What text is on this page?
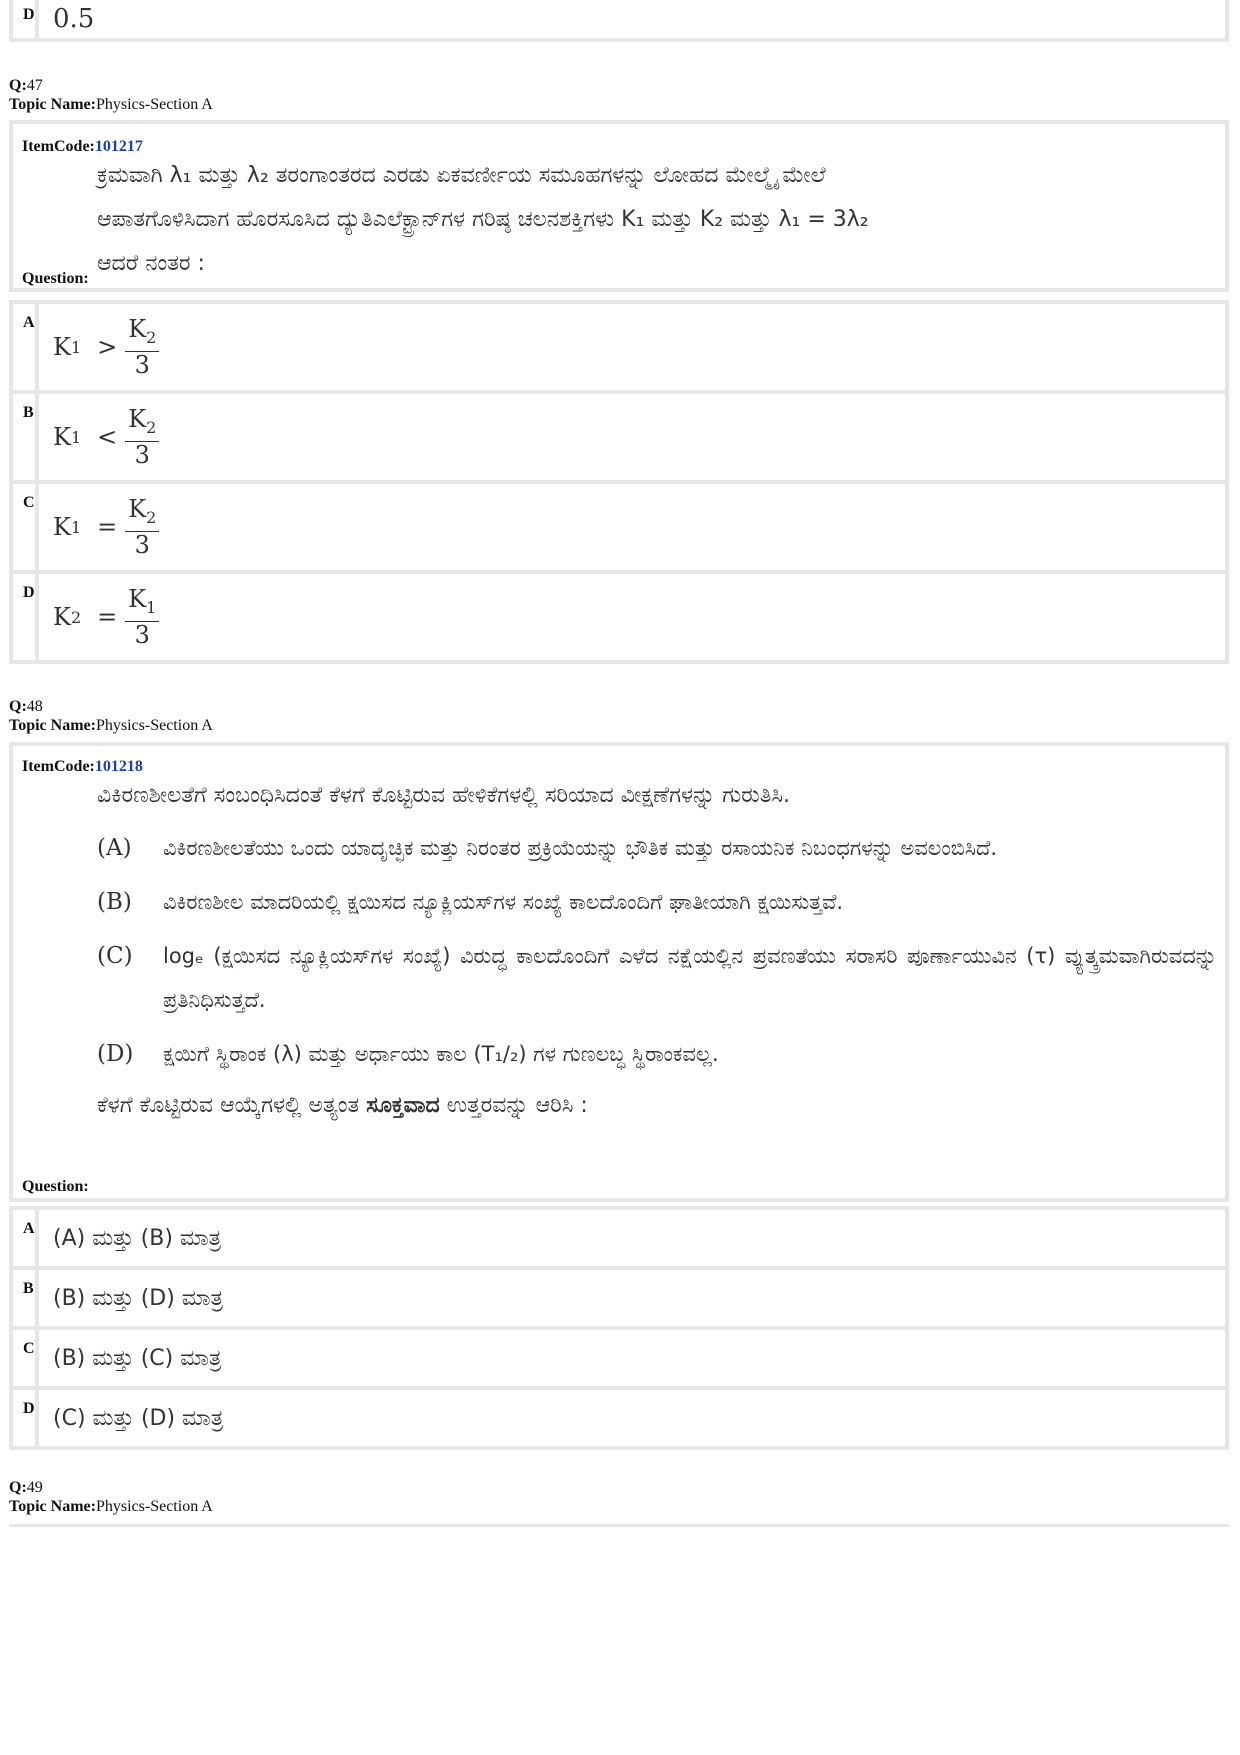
D 0.5
Q:47
Topic Name:Physics-Section A
ItemCode:101217
ಕ್ರಮವಾಗಿ λ₁ ಮತ್ತು λ₂ ತರಂಗಾಂತರದ ಎರಡು ಏಕವರ್ಣೀಯ ಸಮೂಹಗಳನ್ನು ಲೋಹದ ಮೇಲ್ಮೈ ಮೇಲೆ
ಆಪಾತಗೊಳಿಸಿದಾಗ ಹೊರಸೂಸಿದ ದ್ಯುತಿಎಲೆಕ್ಟ್ರಾನ್‌ಗಳ ಗರಿಷ್ಠ ಚಲನಶಕ್ತಿಗಳು K₁ ಮತ್ತು K₂ ಮತ್ತು λ₁ = 3λ₂
ಆದರೆ ನಂತರ :
Question:
A
K $1 > \frac{K_2}{3}$
B
K $1 < \frac{K_2}{3}$
C
K $1 = \frac{K_2}{3}$
D
K $2 = \frac{K_1}{3}$
Q:48
Topic Name:Physics-Section A
ItemCode:101218
ವಿಕಿರಣಶೀಲತೆಗೆ ಸಂಬಂಧಿಸಿದಂತೆ ಕೆಳಗೆ ಕೊಟ್ಟಿರುವ ಹೇಳಿಕೆಗಳಲ್ಲಿ ಸರಿಯಾದ ವೀಕ್ಷಣೆಗಳನ್ನು ಗುರುತಿಸಿ.
(A)	ವಿಕಿರಣಶೀಲತೆಯು ಒಂದು ಯಾದೃಚ್ಛಿಕ ಮತ್ತು ನಿರಂತರ ಪ್ರಕ್ರಿಯೆಯನ್ನು ಭೌತಿಕ ಮತ್ತು ರಸಾಯನಿಕ ನಿಬಂಧಗಳನ್ನು ಅವಲಂಬಿಸಿದೆ.
(B)	ವಿಕಿರಣಶೀಲ ಮಾದರಿಯಲ್ಲಿ ಕ್ಷಯಿಸದ ನ್ಯೂಕ್ಲಿಯಸ್‌ಗಳ ಸಂಖ್ಯೆ ಕಾಲದೊಂದಿಗೆ ಘಾತೀಯಾಗಿ ಕ್ಷಯಿಸುತ್ತವೆ.
(C)	logₑ (ಕ್ಷಯಿಸದ ನ್ಯೂಕ್ಲಿಯಸ್‌ಗಳ ಸಂಖ್ಯೆ) ವಿರುದ್ಧ ಕಾಲದೊಂದಿಗೆ ಎಳೆದ ನಕ್ಷೆಯಲ್ಲಿನ ಪ್ರವಣತೆಯು ಸರಾಸರಿ ಪೂರ್ಣಾಯುವಿನ (τ) ವ್ಯುತ್ಕ್ರಮವಾಗಿರುವದನ್ನು ಪ್ರತಿನಿಧಿಸುತ್ತದೆ.
(D)	ಕ್ಷಯಿಗೆ ಸ್ಥಿರಾಂಕ (λ) ಮತ್ತು ಅರ್ಧಾಯು ಕಾಲ (T₁/₂) ಗಳ ಗುಣಲಬ್ಧ ಸ್ಥಿರಾಂಕವಲ್ಲ.
ಕೆಳಗೆ ಕೊಟ್ಟಿರುವ ಆಯ್ಕೆಗಳಲ್ಲಿ ಅತ್ಯಂತ ಸೂಕ್ತವಾದ ಉತ್ತರವನ್ನು ಆರಿಸಿ :
Question:
A (A) ಮತ್ತು (B) ಮಾತ್ರ
B (B) ಮತ್ತು (D) ಮಾತ್ರ
C (B) ಮತ್ತು (C) ಮಾತ್ರ
D (C) ಮತ್ತು (D) ಮಾತ್ರ
Q:49
Topic Name:Physics-Section A
